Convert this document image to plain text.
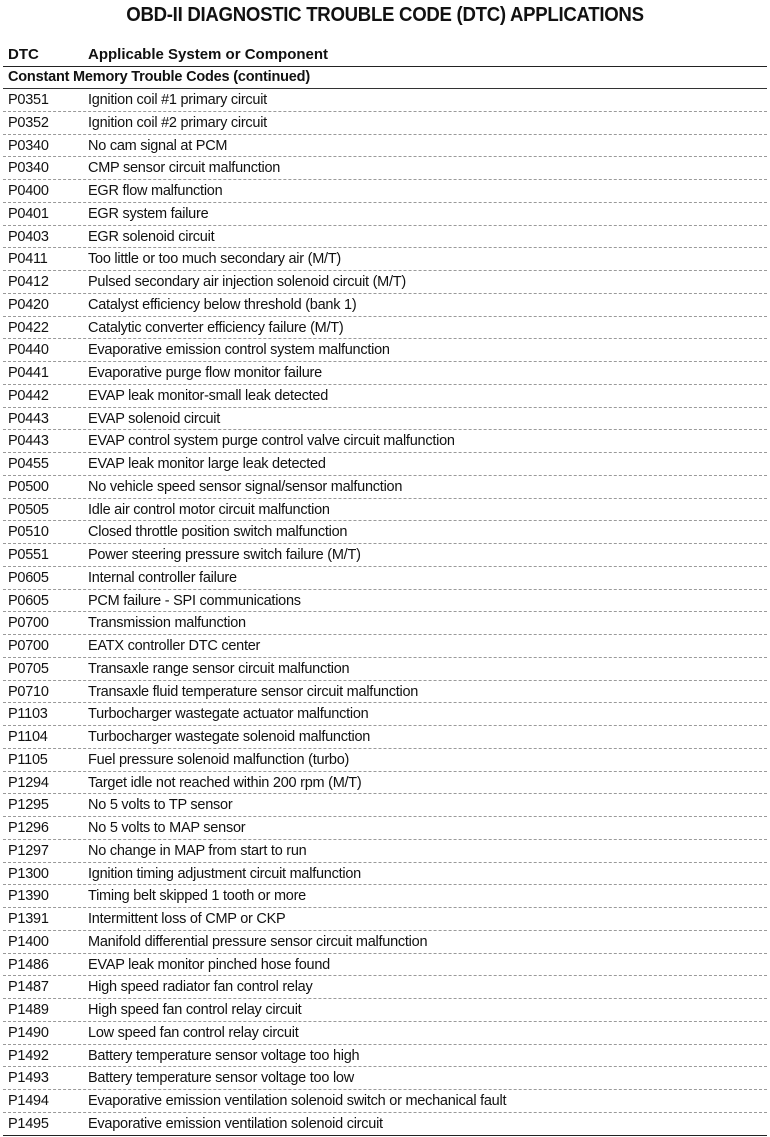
OBD-II DIAGNOSTIC TROUBLE CODE (DTC) APPLICATIONS
DTC	Applicable System or Component
Constant Memory Trouble Codes (continued)
P0351	Ignition coil #1 primary circuit
P0352	Ignition coil #2 primary circuit
P0340	No cam signal at PCM
P0340	CMP sensor circuit malfunction
P0400	EGR flow malfunction
P0401	EGR system failure
P0403	EGR solenoid circuit
P0411	Too little or too much secondary air (M/T)
P0412	Pulsed secondary air injection solenoid circuit (M/T)
P0420	Catalyst efficiency below threshold (bank 1)
P0422	Catalytic converter efficiency failure (M/T)
P0440	Evaporative emission control system malfunction
P0441	Evaporative purge flow monitor failure
P0442	EVAP leak monitor-small leak detected
P0443	EVAP solenoid circuit
P0443	EVAP control system purge control valve circuit malfunction
P0455	EVAP leak monitor large leak detected
P0500	No vehicle speed sensor signal/sensor malfunction
P0505	Idle air control motor circuit malfunction
P0510	Closed throttle position switch malfunction
P0551	Power steering pressure switch failure (M/T)
P0605	Internal controller failure
P0605	PCM failure - SPI communications
P0700	Transmission malfunction
P0700	EATX controller DTC center
P0705	Transaxle range sensor circuit malfunction
P0710	Transaxle fluid temperature sensor circuit malfunction
P1103	Turbocharger wastegate actuator malfunction
P1104	Turbocharger wastegate solenoid malfunction
P1105	Fuel pressure solenoid malfunction (turbo)
P1294	Target idle not reached within 200 rpm (M/T)
P1295	No 5 volts to TP sensor
P1296	No 5 volts to MAP sensor
P1297	No change in MAP from start to run
P1300	Ignition timing adjustment circuit malfunction
P1390	Timing belt skipped 1 tooth or more
P1391	Intermittent loss of CMP or CKP
P1400	Manifold differential pressure sensor circuit malfunction
P1486	EVAP leak monitor pinched hose found
P1487	High speed radiator fan control relay
P1489	High speed fan control relay circuit
P1490	Low speed fan control relay circuit
P1492	Battery temperature sensor voltage too high
P1493	Battery temperature sensor voltage too low
P1494	Evaporative emission ventilation solenoid switch or mechanical fault
P1495	Evaporative emission ventilation solenoid circuit
